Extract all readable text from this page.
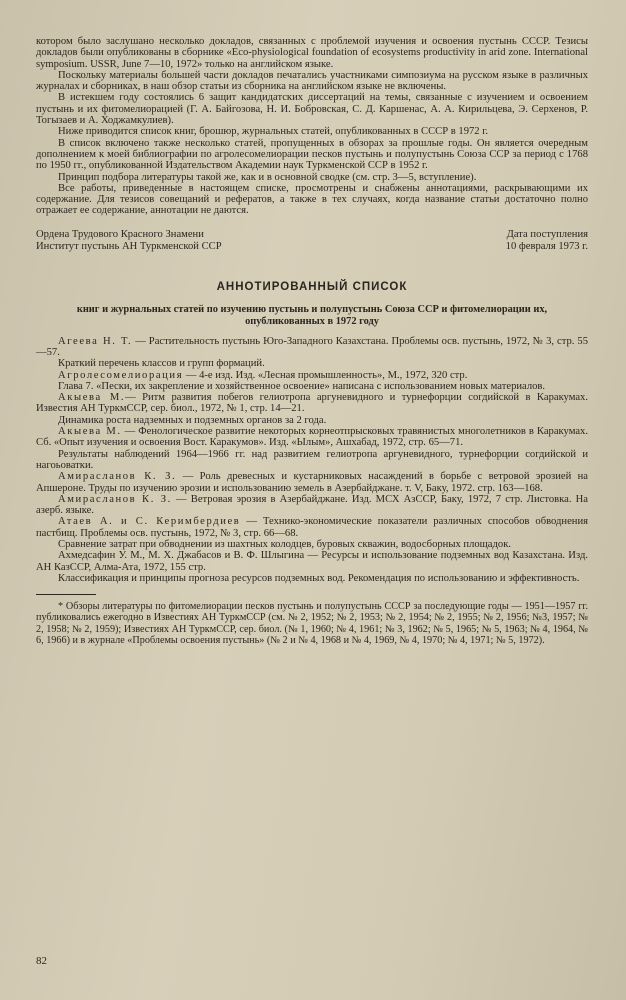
котором было заслушано несколько докладов, связанных с проблемой изучения и освоения пустынь СССР. Тезисы докладов были опубликованы в сборнике «Eco-physiological foundation of ecosystems productivity in arid zone. International symposium. USSR, June 7—10, 1972» только на английском языке.

Поскольку материалы большей части докладов печатались участниками симпозиума на русском языке в различных журналах и сборниках, в наш обзор статьи из сборника на английском языке не включены.

В истекшем году состоялись 6 защит кандидатских диссертаций на темы, связанные с изучением и освоением пустынь и их фитомелиорацией (Г. А. Байгозова, Н. И. Бобровская, С. Д. Каршенас, А. А. Кирильцева, Э. Серхенов, Р. Тогызаев и А. Ходжамкулиев).

Ниже приводится список книг, брошюр, журнальных статей, опубликованных в СССР в 1972 г.

В список включено также несколько статей, пропущенных в обзорах за прошлые годы. Он является очередным дополнением к моей библиографии по агролесомелиорации песков пустынь и полупустынь Союза ССР за период с 1768 по 1950 гг., опубликованной Издательством Академии наук Туркменской ССР в 1952 г.

Принцип подбора литературы такой же, как и в основной сводке (см. стр. 3—5, вступление).

Все работы, приведенные в настоящем списке, просмотрены и снабжены аннотациями, раскрывающими их содержание. Для тезисов совещаний и рефератов, а также в тех случаях, когда название статьи достаточно полно отражает ее содержание, аннотации не даются.

Ордена Трудового Красного Знамени
Институт пустынь АН Туркменской ССР
Дата поступления
10 февраля 1973 г.
АННОТИРОВАННЫЙ СПИСОК
книг и журнальных статей по изучению пустынь и полупустынь Союза ССР и фитомелиорации их, опубликованных в 1972 году

Агеева Н. Т. — Растительность пустынь Юго-Западного Казахстана. Проблемы осв. пустынь, 1972, № 3, стр. 55—57.

Краткий перечень классов и групп формаций.

Агролесомелиорация — 4-е изд. Изд. «Лесная промышленность», М., 1972, 320 стр.

Глава 7. «Пески, их закрепление и хозяйственное освоение» написана с использованием новых материалов.

Акыева М.— Ритм развития побегов гелиотропа аргуневидного и турнефорции согдийской в Каракумах. Известия АН ТуркмССР, сер. биол., 1972, № 1, стр. 14—21.

Динамика роста надземных и подземных органов за 2 года.

Акыева М. — Фенологическое развитие некоторых корнеотпрысковых травянистых многолетников в Каракумах. Сб. «Опыт изучения и освоения Вост. Каракумов». Изд. «Ылым», Ашхабад, 1972, стр. 65—71.

Результаты наблюдений 1964—1966 гг. над развитием гелиотропа аргуневидного, турнефорции согдийской и нагоьоватки.

Амирасланов К. З. — Роль древесных и кустарниковых насаждений в борьбе с ветровой эрозией на Апшероне. Труды по изучению эрозии и использованию земель в Азербайджане. т. V, Баку, 1972. стр. 163—168.

Амирасланов К. З. — Ветровая эрозия в Азербайджане. Изд. МСХ АзССР, Баку, 1972, 7 стр. Листовка. На азерб. языке.

Атаев А. и С. Керимбердиев — Технико-экономические показатели различных способов обводнения пастбищ. Проблемы осв. пустынь, 1972, № 3, стр. 66—68.

Сравнение затрат при обводнении из шахтных колодцев, буровых скважин, водосборных площадок.

Ахмедсафин У. М., М. Х. Джабасов и В. Ф. Шлыгина — Ресурсы и использование подземных вод Казахстана. Изд. АН КазССР, Алма-Ата, 1972, 155 стр.

Классификация и принципы прогноза ресурсов подземных вод. Рекомендация по использованию и эффективность.

* Обзоры литературы по фитомелиорации песков пустынь и полупустынь СССР за последующие годы — 1951—1957 гг. публиковались ежегодно в Известиях АН ТуркмССР (см. № 2, 1952; № 2, 1953; № 2, 1954; № 2, 1955; № 2, 1956; №3, 1957; № 2, 1958; № 2, 1959); Известиях АН ТуркмССР, сер. биол. (№ 1, 1960; № 4, 1961; № 3, 1962; № 5, 1965; № 5, 1963; № 4, 1964, № 6, 1966) и в журнале «Проблемы освоения пустынь» (№ 2 и № 4, 1968 и № 4, 1969, № 4, 1970; № 4, 1971; № 5, 1972).

82
